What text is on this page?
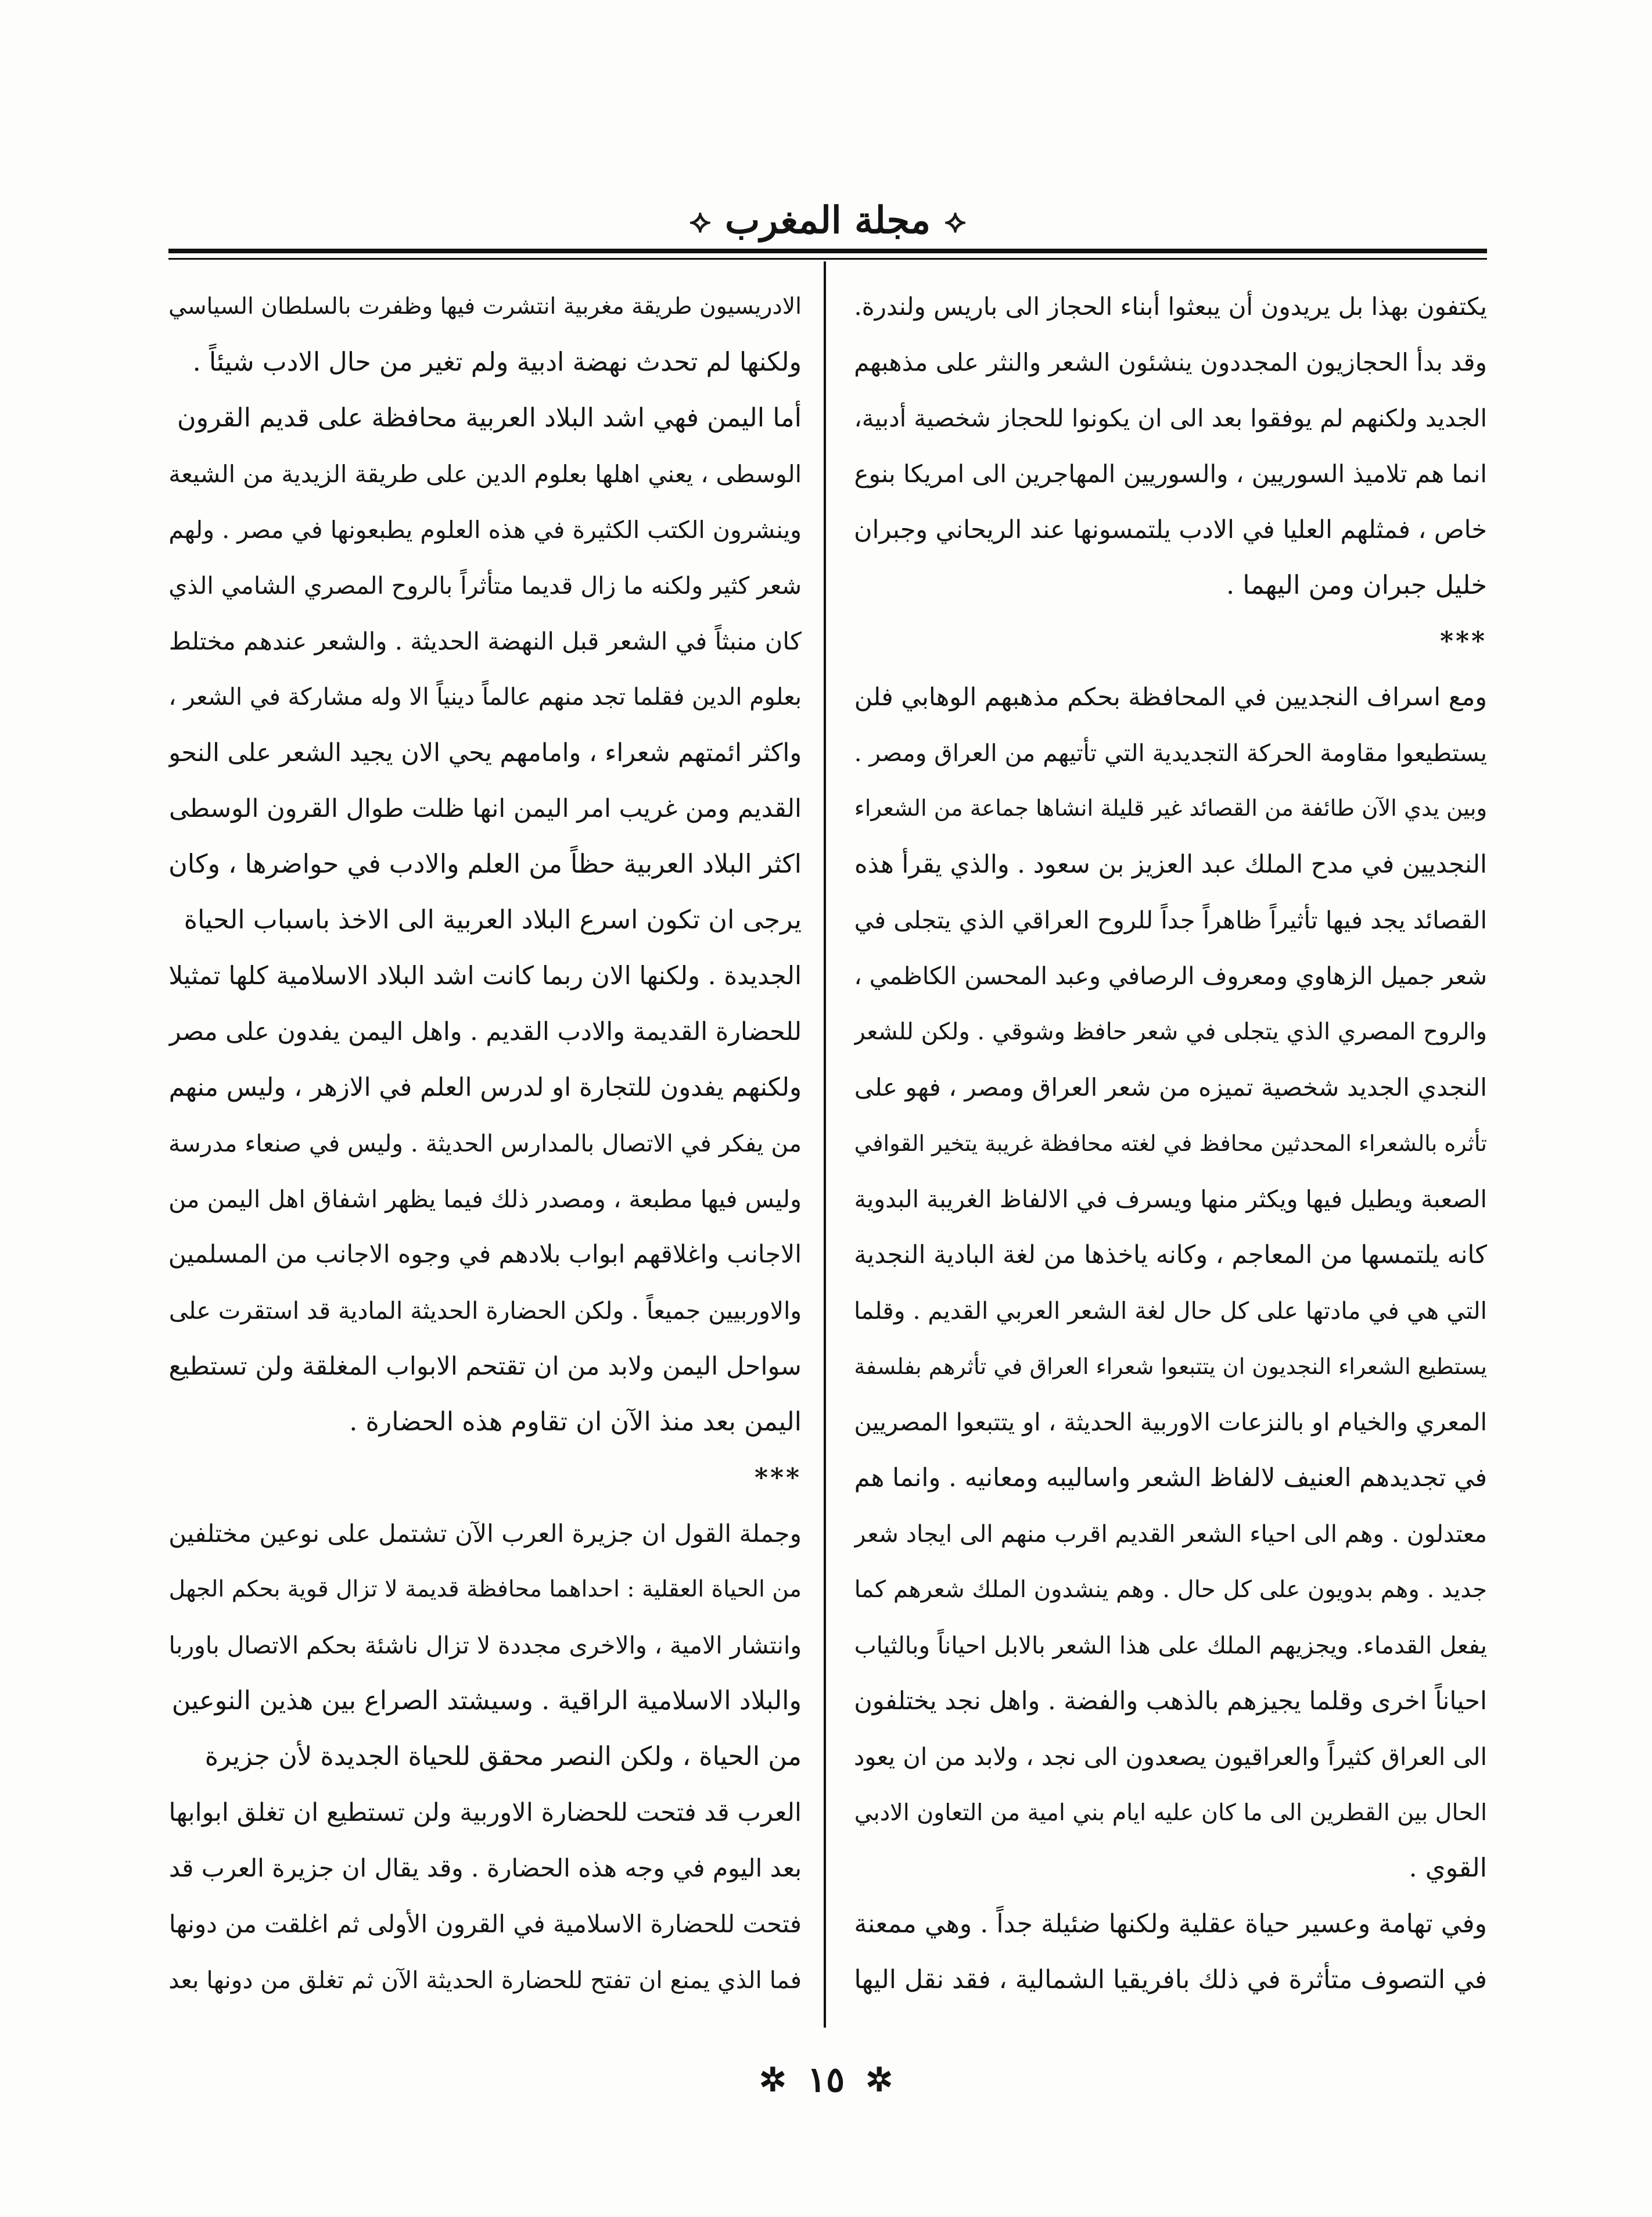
⟡
مجلة المغرب
⟡
يكتفون بهذا بل يريدون أن يبعثوا أبناء الحجاز الى باريس ولندرة.
وقد بدأ الحجازيون المجددون ينشئون الشعر والنثر على مذهبهم
الجديد ولكنهم لم يوفقوا بعد الى ان يكونوا للحجاز شخصية أدبية،
انما هم تلاميذ السوريين ، والسوريين المهاجرين الى امريكا بنوع
خاص ، فمثلهم العليا في الادب يلتمسونها عند الريحاني وجبران
خليل جبران ومن اليهما .
***
ومع اسراف النجديين في المحافظة بحكم مذهبهم الوهابي فلن
يستطيعوا مقاومة الحركة التجديدية التي تأتيهم من العراق ومصر .
وبين يدي الآن طائفة من القصائد غير قليلة انشاها جماعة من الشعراء
النجديين في مدح الملك عبد العزيز بن سعود . والذي يقرأ هذه
القصائد يجد فيها تأثيراً ظاهراً جداً للروح العراقي الذي يتجلى في
شعر جميل الزهاوي ومعروف الرصافي وعبد المحسن الكاظمي ،
والروح المصري الذي يتجلى في شعر حافظ وشوقي . ولكن للشعر
النجدي الجديد شخصية تميزه من شعر العراق ومصر ، فهو على
تأثره بالشعراء المحدثين محافظ في لغته محافظة غريبة يتخير القوافي
الصعبة ويطيل فيها ويكثر منها ويسرف في الالفاظ الغريبة البدوية
كانه يلتمسها من المعاجم ، وكانه ياخذها من لغة البادية النجدية
التي هي في مادتها على كل حال لغة الشعر العربي القديم . وقلما
يستطيع الشعراء النجديون ان يتتبعوا شعراء العراق في تأثرهم بفلسفة
المعري والخيام او بالنزعات الاوربية الحديثة ، او يتتبعوا المصريين
في تجديدهم العنيف لالفاظ الشعر واساليبه ومعانيه . وانما هم
معتدلون . وهم الى احياء الشعر القديم اقرب منهم الى ايجاد شعر
جديد . وهم بدويون على كل حال . وهم ينشدون الملك شعرهم كما
يفعل القدماء. ويجزيهم الملك على هذا الشعر بالابل احياناً وبالثياب
احياناً اخرى وقلما يجيزهم بالذهب والفضة . واهل نجد يختلفون
الى العراق كثيراً والعراقيون يصعدون الى نجد ، ولابد من ان يعود
الحال بين القطرين الى ما كان عليه ايام بني امية من التعاون الادبي
القوي .
وفي تهامة وعسير حياة عقلية ولكنها ضئيلة جداً . وهي ممعنة
في التصوف متأثرة في ذلك بافريقيا الشمالية ، فقد نقل اليها
الادريسيون طريقة مغربية انتشرت فيها وظفرت بالسلطان السياسي
ولكنها لم تحدث نهضة ادبية ولم تغير من حال الادب شيئاً .
أما اليمن فهي اشد البلاد العربية محافظة على قديم القرون
الوسطى ، يعني اهلها بعلوم الدين على طريقة الزيدية من الشيعة
وينشرون الكتب الكثيرة في هذه العلوم يطبعونها في مصر . ولهم
شعر كثير ولكنه ما زال قديما متأثراً بالروح المصري الشامي الذي
كان منبثاً في الشعر قبل النهضة الحديثة . والشعر عندهم مختلط
بعلوم الدين فقلما تجد منهم عالماً دينياً الا وله مشاركة في الشعر ،
واكثر ائمتهم شعراء ، وامامهم يحي الان يجيد الشعر على النحو
القديم ومن غريب امر اليمن انها ظلت طوال القرون الوسطى
اكثر البلاد العربية حظاً من العلم والادب في حواضرها ، وكان
يرجى ان تكون اسرع البلاد العربية الى الاخذ باسباب الحياة
الجديدة . ولكنها الان ربما كانت اشد البلاد الاسلامية كلها تمثيلا
للحضارة القديمة والادب القديم . واهل اليمن يفدون على مصر
ولكنهم يفدون للتجارة او لدرس العلم في الازهر ، وليس منهم
من يفكر في الاتصال بالمدارس الحديثة . وليس في صنعاء مدرسة
وليس فيها مطبعة ، ومصدر ذلك فيما يظهر اشفاق اهل اليمن من
الاجانب واغلاقهم ابواب بلادهم في وجوه الاجانب من المسلمين
والاوربيين جميعاً . ولكن الحضارة الحديثة المادية قد استقرت على
سواحل اليمن ولابد من ان تقتحم الابواب المغلقة ولن تستطيع
اليمن بعد منذ الآن ان تقاوم هذه الحضارة .
***
وجملة القول ان جزيرة العرب الآن تشتمل على نوعين مختلفين
من الحياة العقلية : احداهما محافظة قديمة لا تزال قوية بحكم الجهل
وانتشار الامية ، والاخرى مجددة لا تزال ناشئة بحكم الاتصال باوربا
والبلاد الاسلامية الراقية . وسيشتد الصراع بين هذين النوعين
من الحياة ، ولكن النصر محقق للحياة الجديدة لأن جزيرة
العرب قد فتحت للحضارة الاوربية ولن تستطيع ان تغلق ابوابها
بعد اليوم في وجه هذه الحضارة . وقد يقال ان جزيرة العرب قد
فتحت للحضارة الاسلامية في القرون الأولى ثم اغلقت من دونها
فما الذي يمنع ان تفتح للحضارة الحديثة الآن ثم تغلق من دونها بعد
✲
١٥
✲
